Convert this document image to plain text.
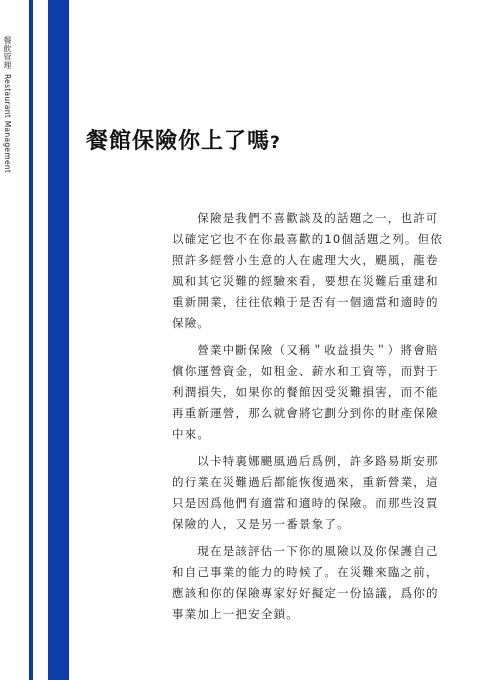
餐飲管理 Restaurant Management	餐館保險你上了嗎?

保險是我們不喜歡談及的話題之一，也許可以確定它也不在你最喜歡的10個話題之列。但依照許多經營小生意的人在處理大火，颶風，龍卷風和其它災難的經驗來看，要想在災難后重建和重新開業，往往依賴于是否有一個適當和適時的保險。

營業中斷保險（又稱＂收益損失＂）將會賠償你運營資金，如租金、薪水和工資等，而對于利潤損失，如果你的餐館因受災難損害，而不能再重新運營，那么就會將它劃分到你的財產保險中來。

以卡特裏娜颶風過后爲例，許多路易斯安那的行業在災難過后都能恢復過來，重新營業，這只是因爲他們有適當和適時的保險。而那些沒買保險的人，又是另一番景象了。

現在是該評估一下你的風險以及你保護自己和自己事業的能力的時候了。在災難來臨之前，應該和你的保險專家好好擬定一份協議，爲你的事業加上一把安全鎖。
